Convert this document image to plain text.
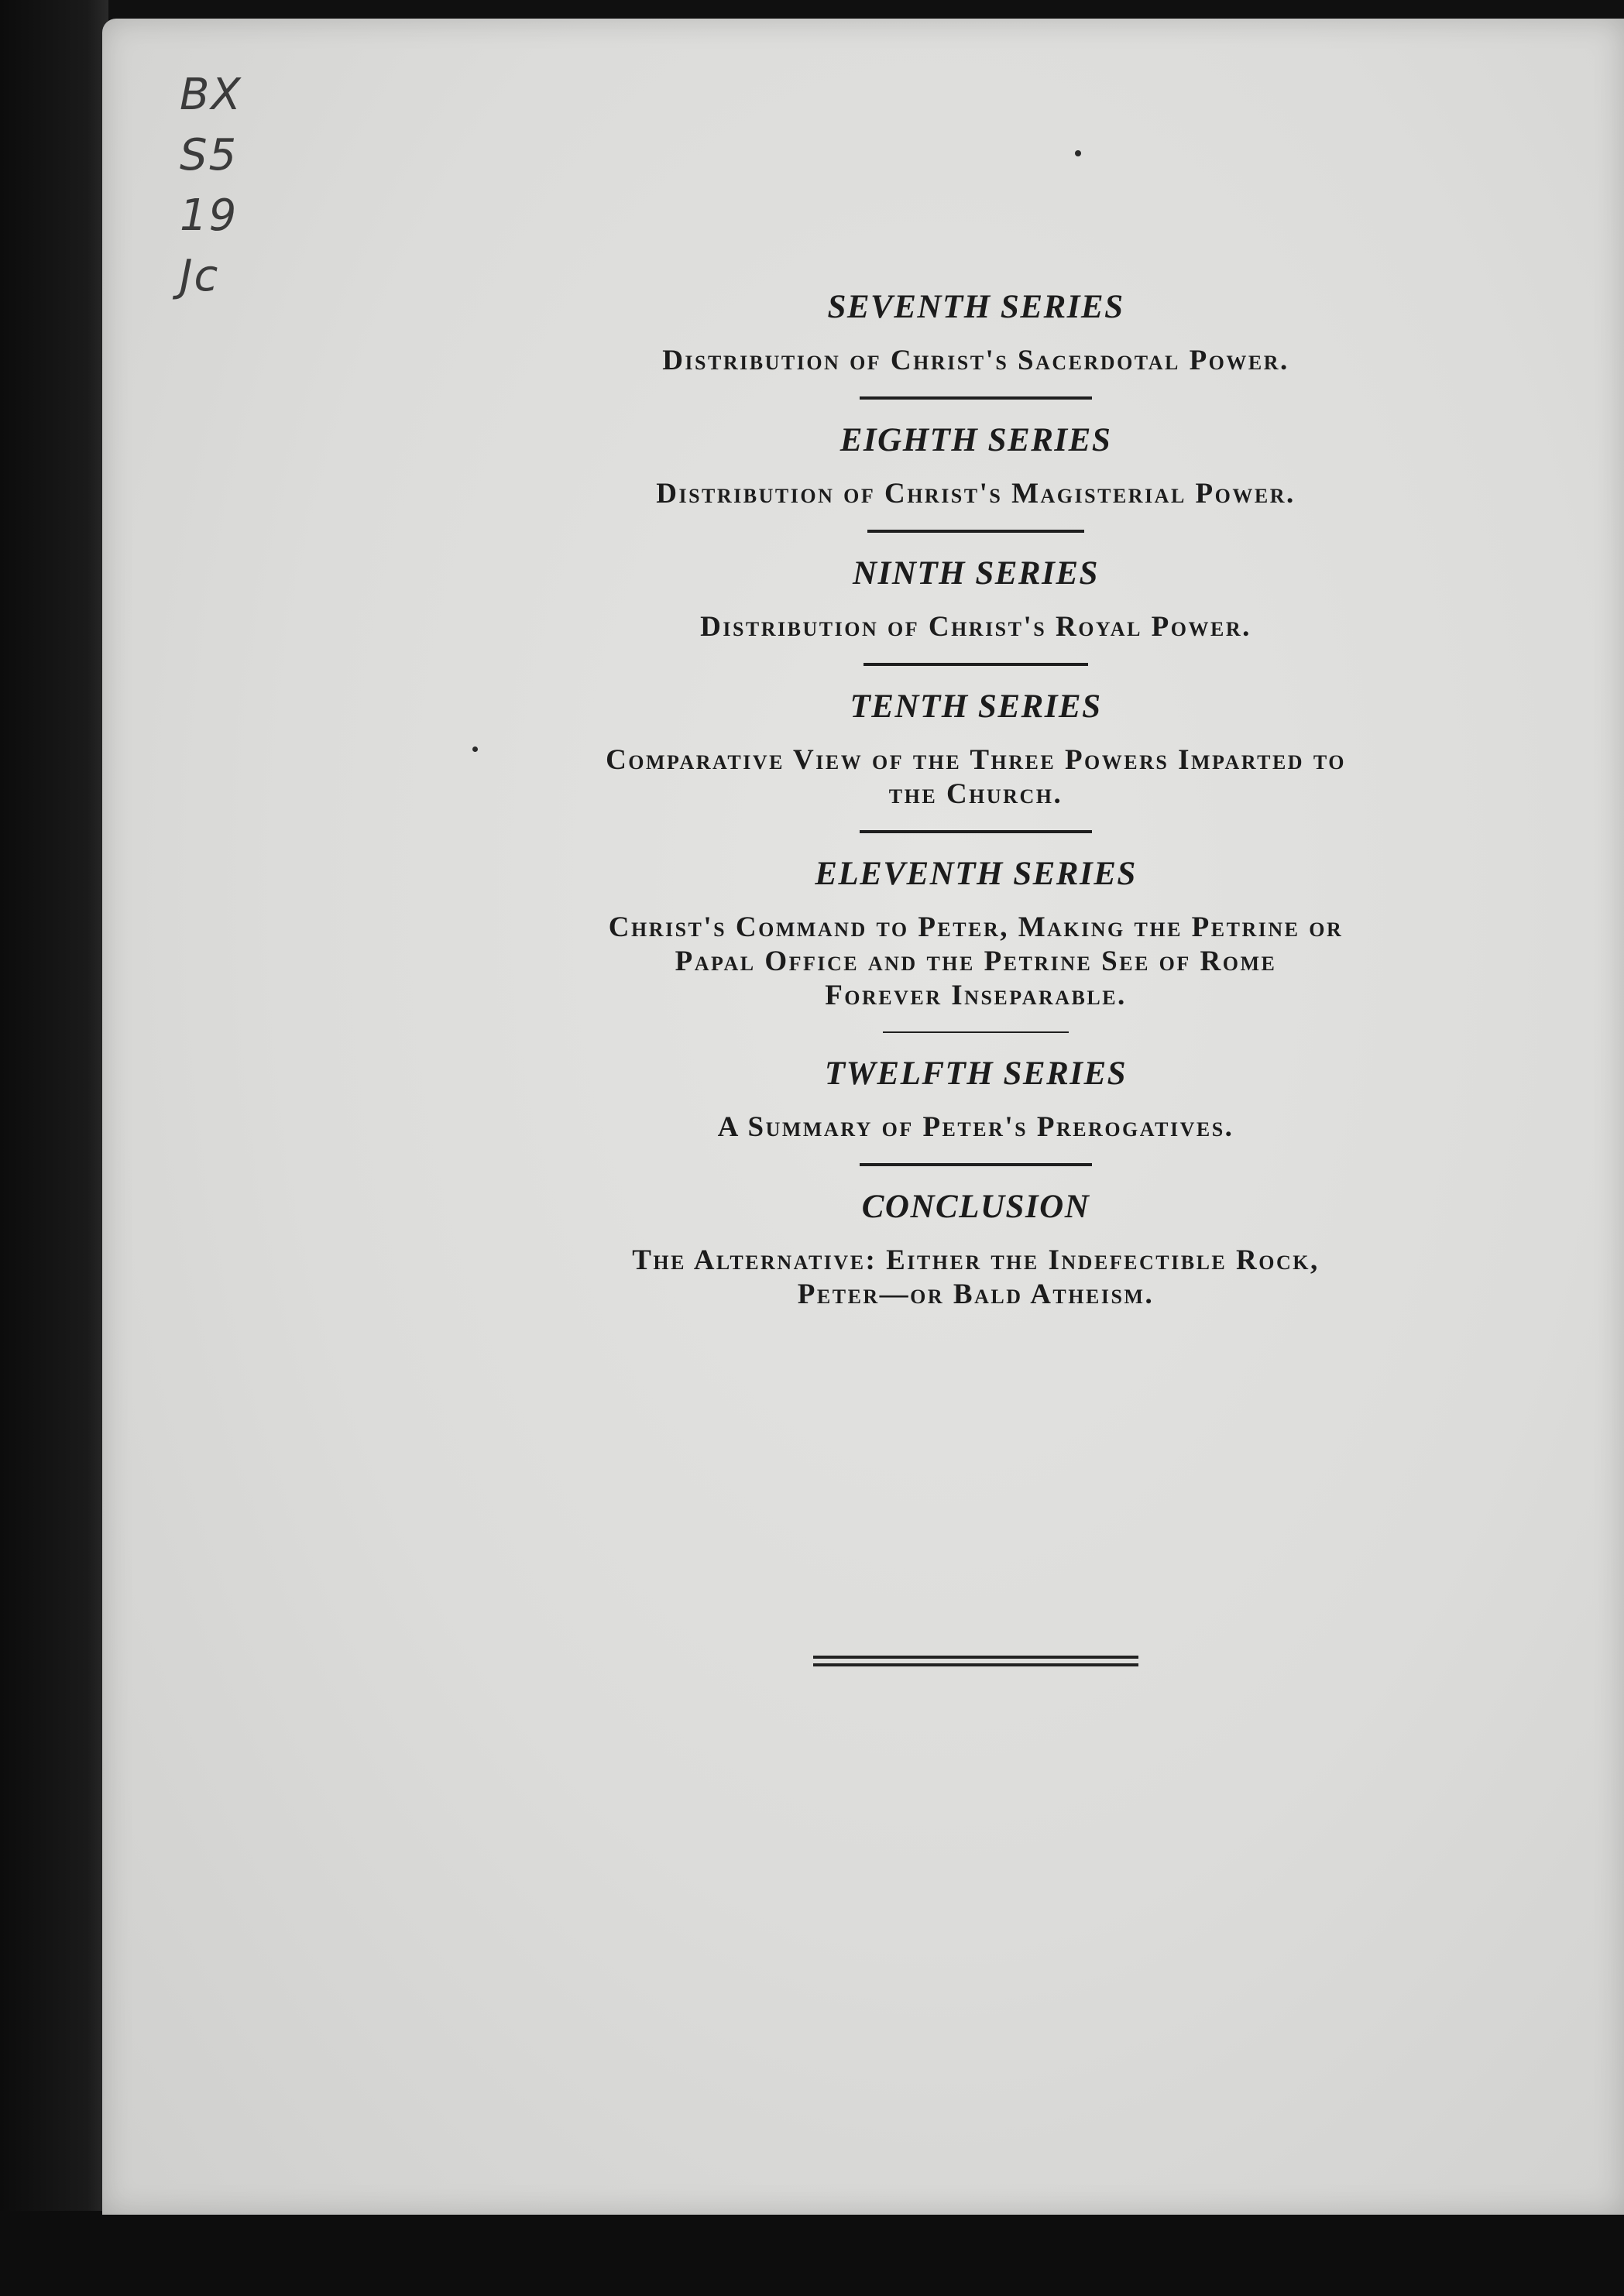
BX
S5
19
Jc
SEVENTH SERIES

Distribution of Christ's Sacerdotal Power.

EIGHTH SERIES

Distribution of Christ's Magisterial Power.

NINTH SERIES

Distribution of Christ's Royal Power.

TENTH SERIES

Comparative View of the Three Powers Imparted to
the Church.

ELEVENTH SERIES

Christ's Command to Peter, Making the Petrine or
Papal Office and the Petrine See of Rome
Forever Inseparable.

TWELFTH SERIES

A Summary of Peter's Prerogatives.

CONCLUSION

The Alternative: Either the Indefectible Rock,
Peter—or Bald Atheism.
